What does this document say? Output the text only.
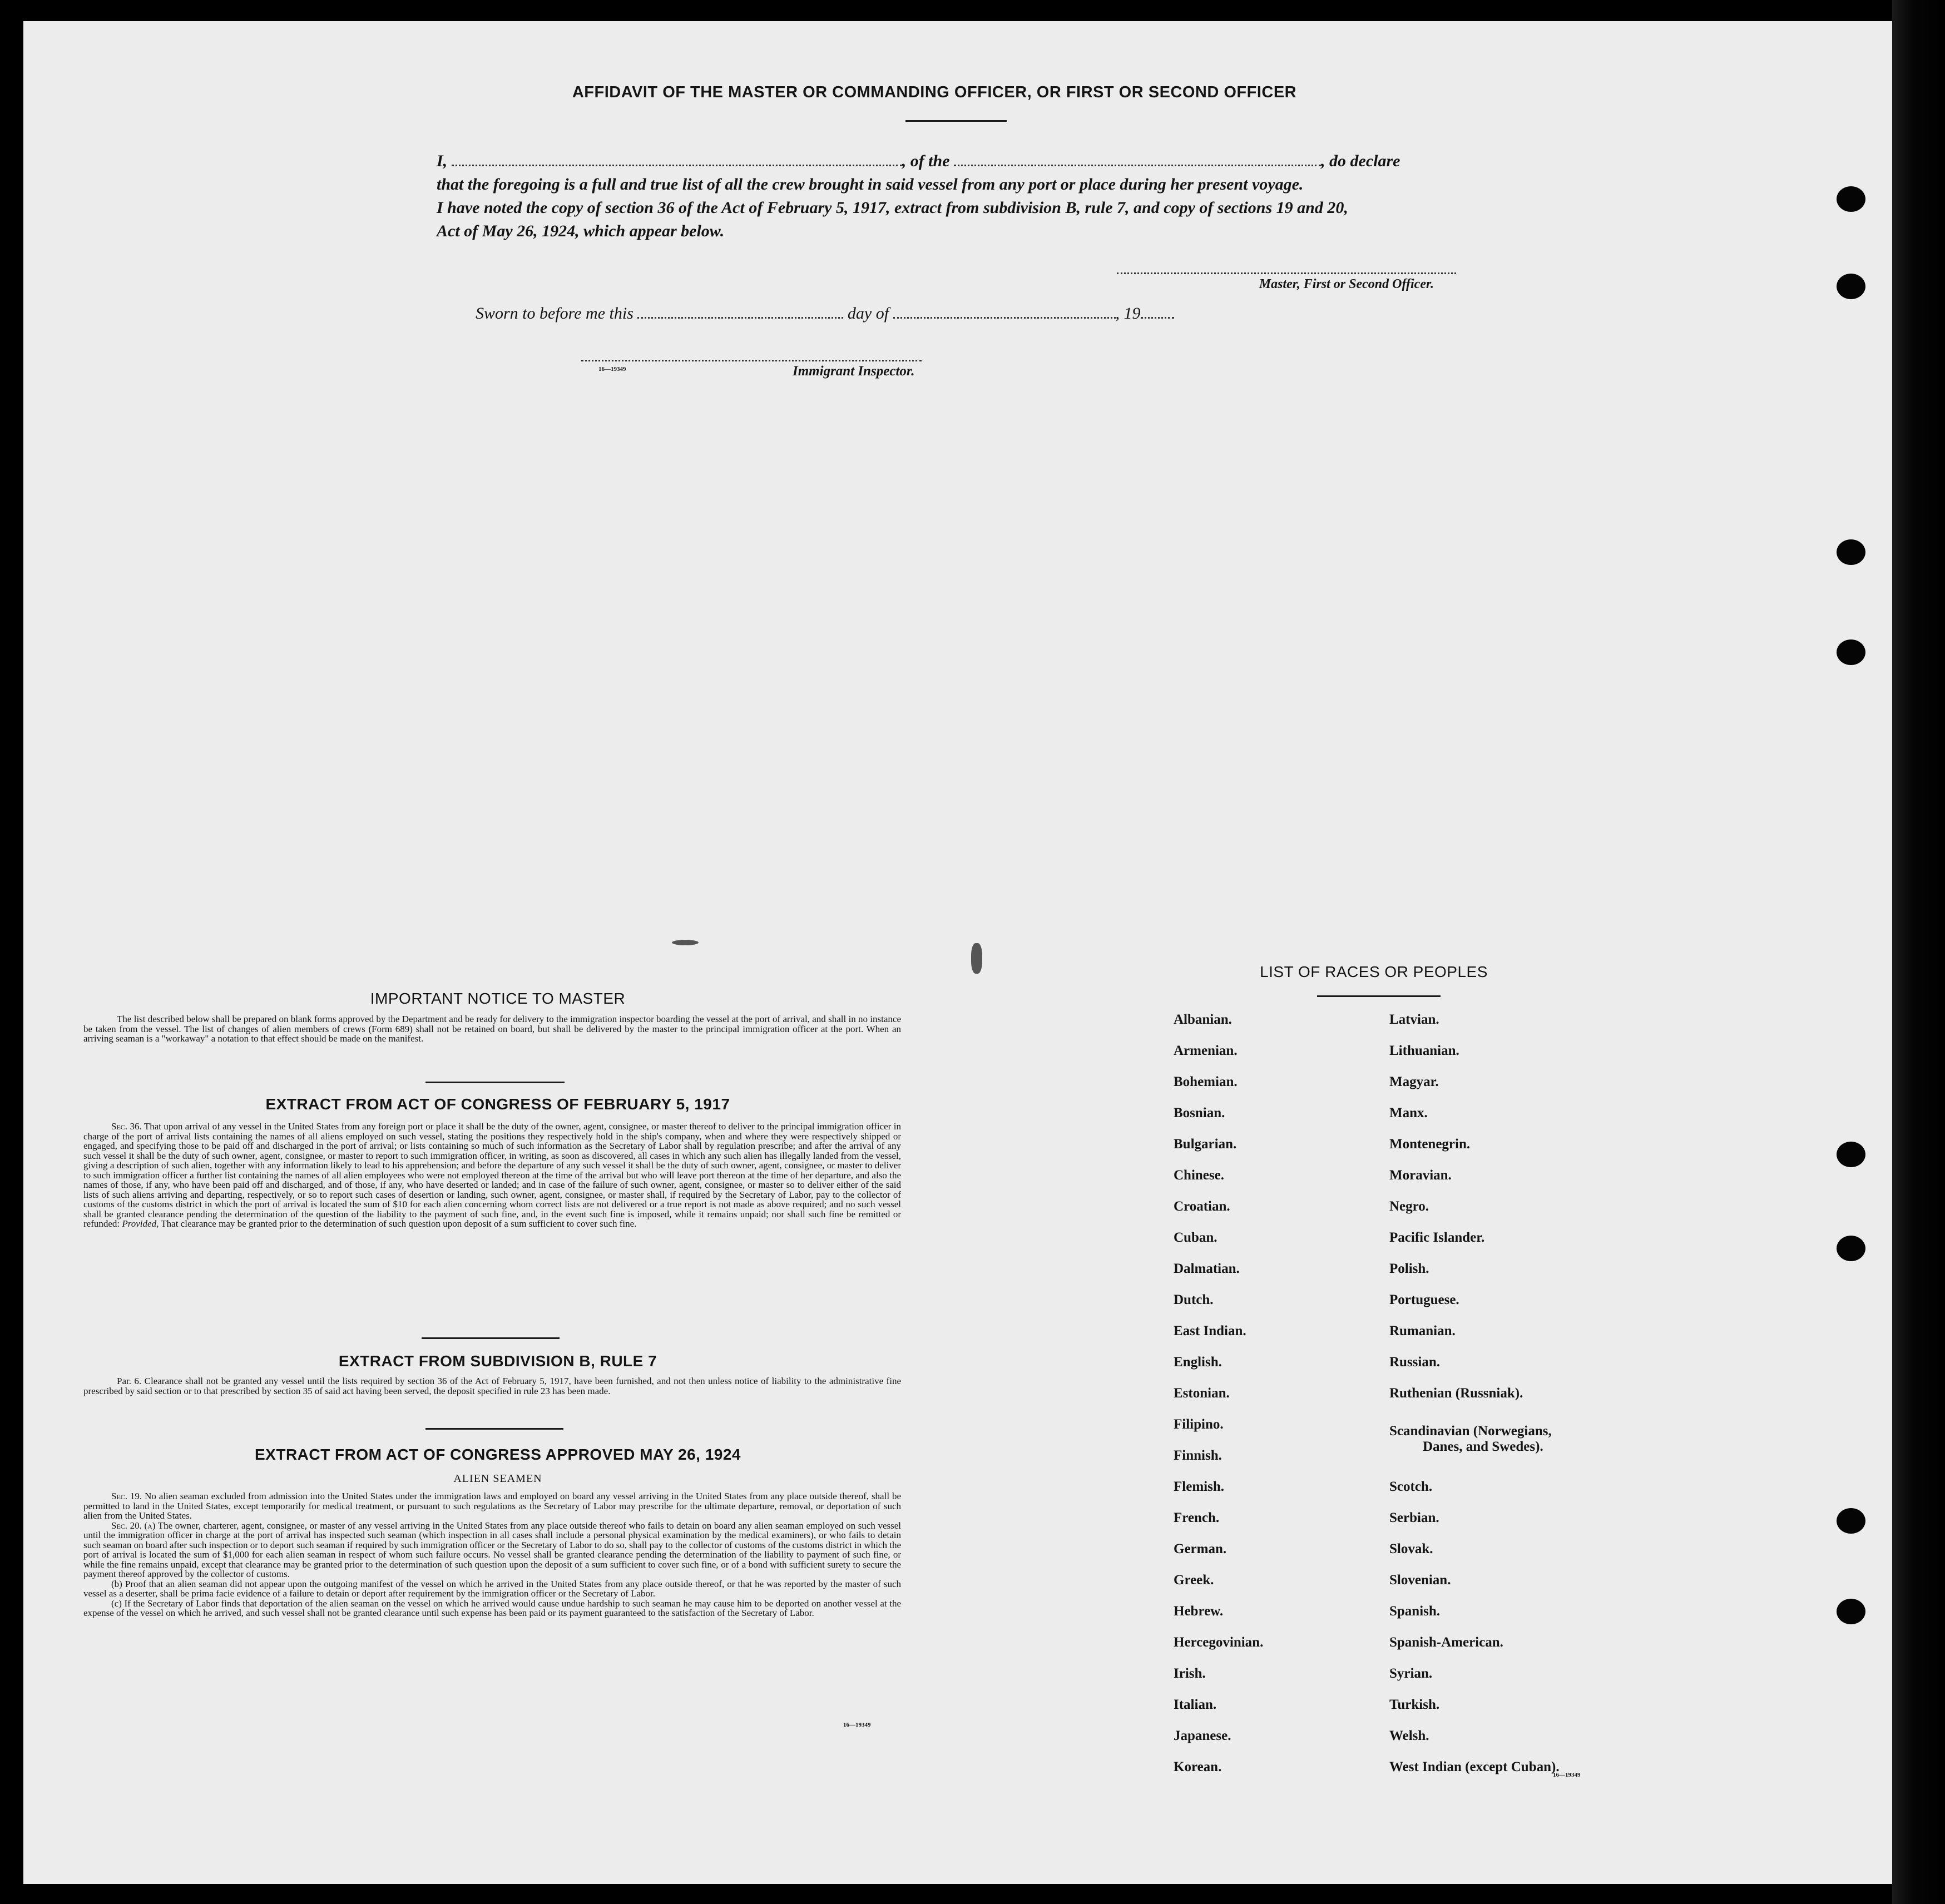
AFFIDAVIT OF THE MASTER OR COMMANDING OFFICER, OR FIRST OR SECOND OFFICER
I,	, of the	, do declare
that the foregoing is a full and true list of all the crew brought in said vessel from any port or place during her present voyage.
I have noted the copy of section 36 of the Act of February 5, 1917, extract from subdivision B, rule 7, and copy of sections 19 and 20,
Act of May 26, 1924, which appear below.
Master, First or Second Officer.
Sworn to before me this	day of	, 19
16—19349	Immigrant Inspector.
IMPORTANT NOTICE TO MASTER
The list described below shall be prepared on blank forms approved by the Department and be ready for delivery to the immigration inspector boarding the vessel at the port of arrival, and shall in no instance be taken from the vessel. The list of changes of alien members of crews (Form 689) shall not be retained on board, but shall be delivered by the master to the principal immigration officer at the port. When an arriving seaman is a "workaway" a notation to that effect should be made on the manifest.
EXTRACT FROM ACT OF CONGRESS OF FEBRUARY 5, 1917
Sec. 36. That upon arrival of any vessel in the United States from any foreign port or place it shall be the duty of the owner, agent, consignee, or master thereof to deliver to the principal immigration officer in charge of the port of arrival lists containing the names of all aliens employed on such vessel, stating the positions they respectively hold in the ship's company, when and where they were respectively shipped or engaged, and specifying those to be paid off and discharged in the port of arrival; or lists containing so much of such information as the Secretary of Labor shall by regulation prescribe; and after the arrival of any such vessel it shall be the duty of such owner, agent, consignee, or master to report to such immigration officer, in writing, as soon as discovered, all cases in which any such alien has illegally landed from the vessel, giving a description of such alien, together with any information likely to lead to his apprehension; and before the departure of any such vessel it shall be the duty of such owner, agent, consignee, or master to deliver to such immigration officer a further list containing the names of all alien employees who were not employed thereon at the time of the arrival but who will leave port thereon at the time of her departure, and also the names of those, if any, who have been paid off and discharged, and of those, if any, who have deserted or landed; and in case of the failure of such owner, agent, consignee, or master so to deliver either of the said lists of such aliens arriving and departing, respectively, or so to report such cases of desertion or landing, such owner, agent, consignee, or master shall, if required by the Secretary of Labor, pay to the collector of customs of the customs district in which the port of arrival is located the sum of $10 for each alien concerning whom correct lists are not delivered or a true report is not made as above required; and no such vessel shall be granted clearance pending the determination of the question of the liability to the payment of such fine, and, in the event such fine is imposed, while it remains unpaid; nor shall such fine be remitted or refunded: Provided, That clearance may be granted prior to the determination of such question upon deposit of a sum sufficient to cover such fine.
EXTRACT FROM SUBDIVISION B, RULE 7
Par. 6. Clearance shall not be granted any vessel until the lists required by section 36 of the Act of February 5, 1917, have been furnished, and not then unless notice of liability to the administrative fine prescribed by said section or to that prescribed by section 35 of said act having been served, the deposit specified in rule 23 has been made.
EXTRACT FROM ACT OF CONGRESS APPROVED MAY 26, 1924
ALIEN SEAMEN
Sec. 19. No alien seaman excluded from admission into the United States under the immigration laws and employed on board any vessel arriving in the United States from any place outside thereof, shall be permitted to land in the United States, except temporarily for medical treatment, or pursuant to such regulations as the Secretary of Labor may prescribe for the ultimate departure, removal, or deportation of such alien from the United States.
Sec. 20. (a) The owner, charterer, agent, consignee, or master of any vessel arriving in the United States from any place outside thereof who fails to detain on board any alien seaman employed on such vessel until the immigration officer in charge at the port of arrival has inspected such seaman (which inspection in all cases shall include a personal physical examination by the medical examiners), or who fails to detain such seaman on board after such inspection or to deport such seaman if required by such immigration officer or the Secretary of Labor to do so, shall pay to the collector of customs of the customs district in which the port of arrival is located the sum of $1,000 for each alien seaman in respect of whom such failure occurs. No vessel shall be granted clearance pending the determination of the liability to payment of such fine, or while the fine remains unpaid, except that clearance may be granted prior to the determination of such question upon the deposit of a sum sufficient to cover such fine, or of a bond with sufficient surety to secure the payment thereof approved by the collector of customs.
(b) Proof that an alien seaman did not appear upon the outgoing manifest of the vessel on which he arrived in the United States from any place outside thereof, or that he was reported by the master of such vessel as a deserter, shall be prima facie evidence of a failure to detain or deport after requirement by the immigration officer or the Secretary of Labor.
(c) If the Secretary of Labor finds that deportation of the alien seaman on the vessel on which he arrived would cause undue hardship to such seaman he may cause him to be deported on another vessel at the expense of the vessel on which he arrived, and such vessel shall not be granted clearance until such expense has been paid or its payment guaranteed to the satisfaction of the Secretary of Labor.
16—19349
LIST OF RACES OR PEOPLES
Albanian.
Armenian.
Bohemian.
Bosnian.
Bulgarian.
Chinese.
Croatian.
Cuban.
Dalmatian.
Dutch.
East Indian.
English.
Estonian.
Filipino.
Finnish.
Flemish.
French.
German.
Greek.
Hebrew.
Hercegovinian.
Irish.
Italian.
Japanese.
Korean.
Latvian.
Lithuanian.
Magyar.
Manx.
Montenegrin.
Moravian.
Negro.
Pacific Islander.
Polish.
Portuguese.
Rumanian.
Russian.
Ruthenian (Russniak).
Scandinavian (Norwegians,
Danes, and Swedes).
Scotch.
Serbian.
Slovak.
Slovenian.
Spanish.
Spanish-American.
Syrian.
Turkish.
Welsh.
West Indian (except Cuban).
16—19349
